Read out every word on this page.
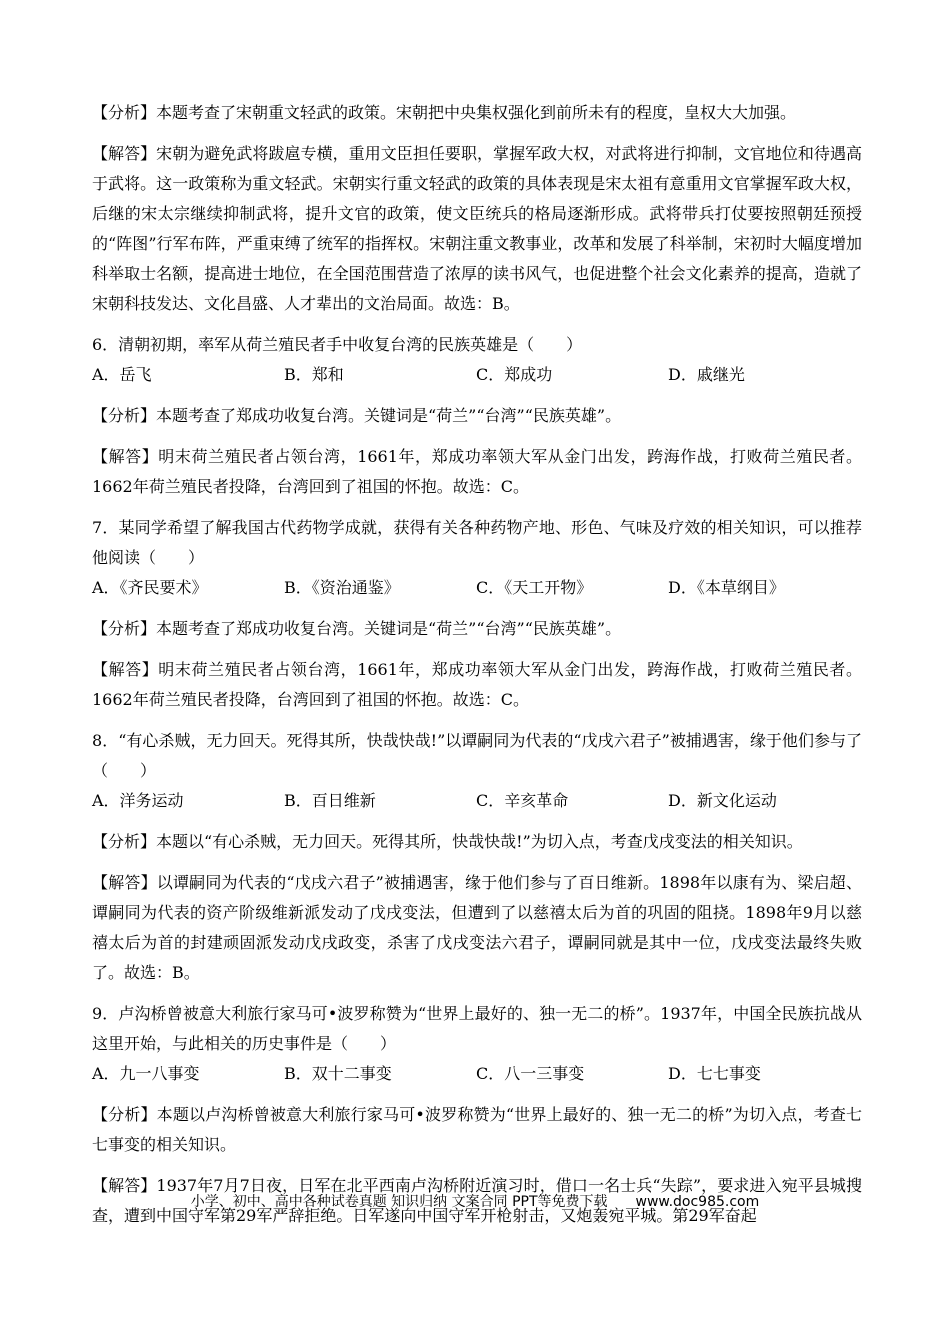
【分析】本题考查了宋朝重文轻武的政策。宋朝把中央集权强化到前所未有的程度，皇权大大加强。

【解答】宋朝为避免武将跋扈专横，重用文臣担任要职，掌握军政大权，对武将进行抑制，文官地位和待遇高于武将。这一政策称为重文轻武。宋朝实行重文轻武的政策的具体表现是宋太祖有意重用文官掌握军政大权，后继的宋太宗继续抑制武将，提升文官的政策，使文臣统兵的格局逐渐形成。武将带兵打仗要按照朝廷预授的“阵图”行军布阵，严重束缚了统军的指挥权。宋朝注重文教事业，改革和发展了科举制，宋初时大幅度增加科举取士名额，提高进士地位，在全国范围营造了浓厚的读书风气，也促进整个社会文化素养的提高，造就了宋朝科技发达、文化昌盛、人才辈出的文治局面。故选：B。

6．清朝初期，率军从荷兰殖民者手中收复台湾的民族英雄是（　　）

A．岳飞	B．郑和	C．郑成功	D．戚继光

【分析】本题考查了郑成功收复台湾。关键词是“荷兰”“台湾”“民族英雄”。

【解答】明末荷兰殖民者占领台湾，1661年，郑成功率领大军从金门出发，跨海作战，打败荷兰殖民者。1662年荷兰殖民者投降，台湾回到了祖国的怀抱。故选：C。

7．某同学希望了解我国古代药物学成就，获得有关各种药物产地、形色、气味及疗效的相关知识，可以推荐他阅读（　　）

A．《齐民要术》	B．《资治通鉴》	C．《天工开物》	D．《本草纲目》

【分析】本题考查了郑成功收复台湾。关键词是“荷兰”“台湾”“民族英雄”。

【解答】明末荷兰殖民者占领台湾，1661年，郑成功率领大军从金门出发，跨海作战，打败荷兰殖民者。1662年荷兰殖民者投降，台湾回到了祖国的怀抱。故选：C。

8．“有心杀贼，无力回天。死得其所，快哉快哉!”以谭嗣同为代表的“戊戌六君子”被捕遇害，缘于他们参与了（　　）

A．洋务运动	B．百日维新	C．辛亥革命	D．新文化运动

【分析】本题以“有心杀贼，无力回天。死得其所，快哉快哉!”为切入点，考查戊戌变法的相关知识。

【解答】以谭嗣同为代表的“戊戌六君子”被捕遇害，缘于他们参与了百日维新。1898年以康有为、梁启超、谭嗣同为代表的资产阶级维新派发动了戊戌变法，但遭到了以慈禧太后为首的巩固的阻挠。1898年9月以慈禧太后为首的封建顽固派发动戊戌政变，杀害了戊戌变法六君子，谭嗣同就是其中一位，戊戌变法最终失败了。故选：B。

9．卢沟桥曾被意大利旅行家马可•波罗称赞为“世界上最好的、独一无二的桥”。1937年，中国全民族抗战从这里开始，与此相关的历史事件是（　　）

A．九一八事变	B．双十二事变	C．八一三事变	D．七七事变

【分析】本题以卢沟桥曾被意大利旅行家马可•波罗称赞为“世界上最好的、独一无二的桥”为切入点，考查七七事变的相关知识。

【解答】1937年7月7日夜，日军在北平西南卢沟桥附近演习时，借口一名士兵“失踪”，要求进入宛平县城搜查，遭到中国守军第29军严辞拒绝。日军遂向中国守军开枪射击，又炮轰宛平城。第29军奋起

小学、初中、高中各种试卷真题 知识归纳 文案合同 PPT等免费下载　　www.doc985.com
